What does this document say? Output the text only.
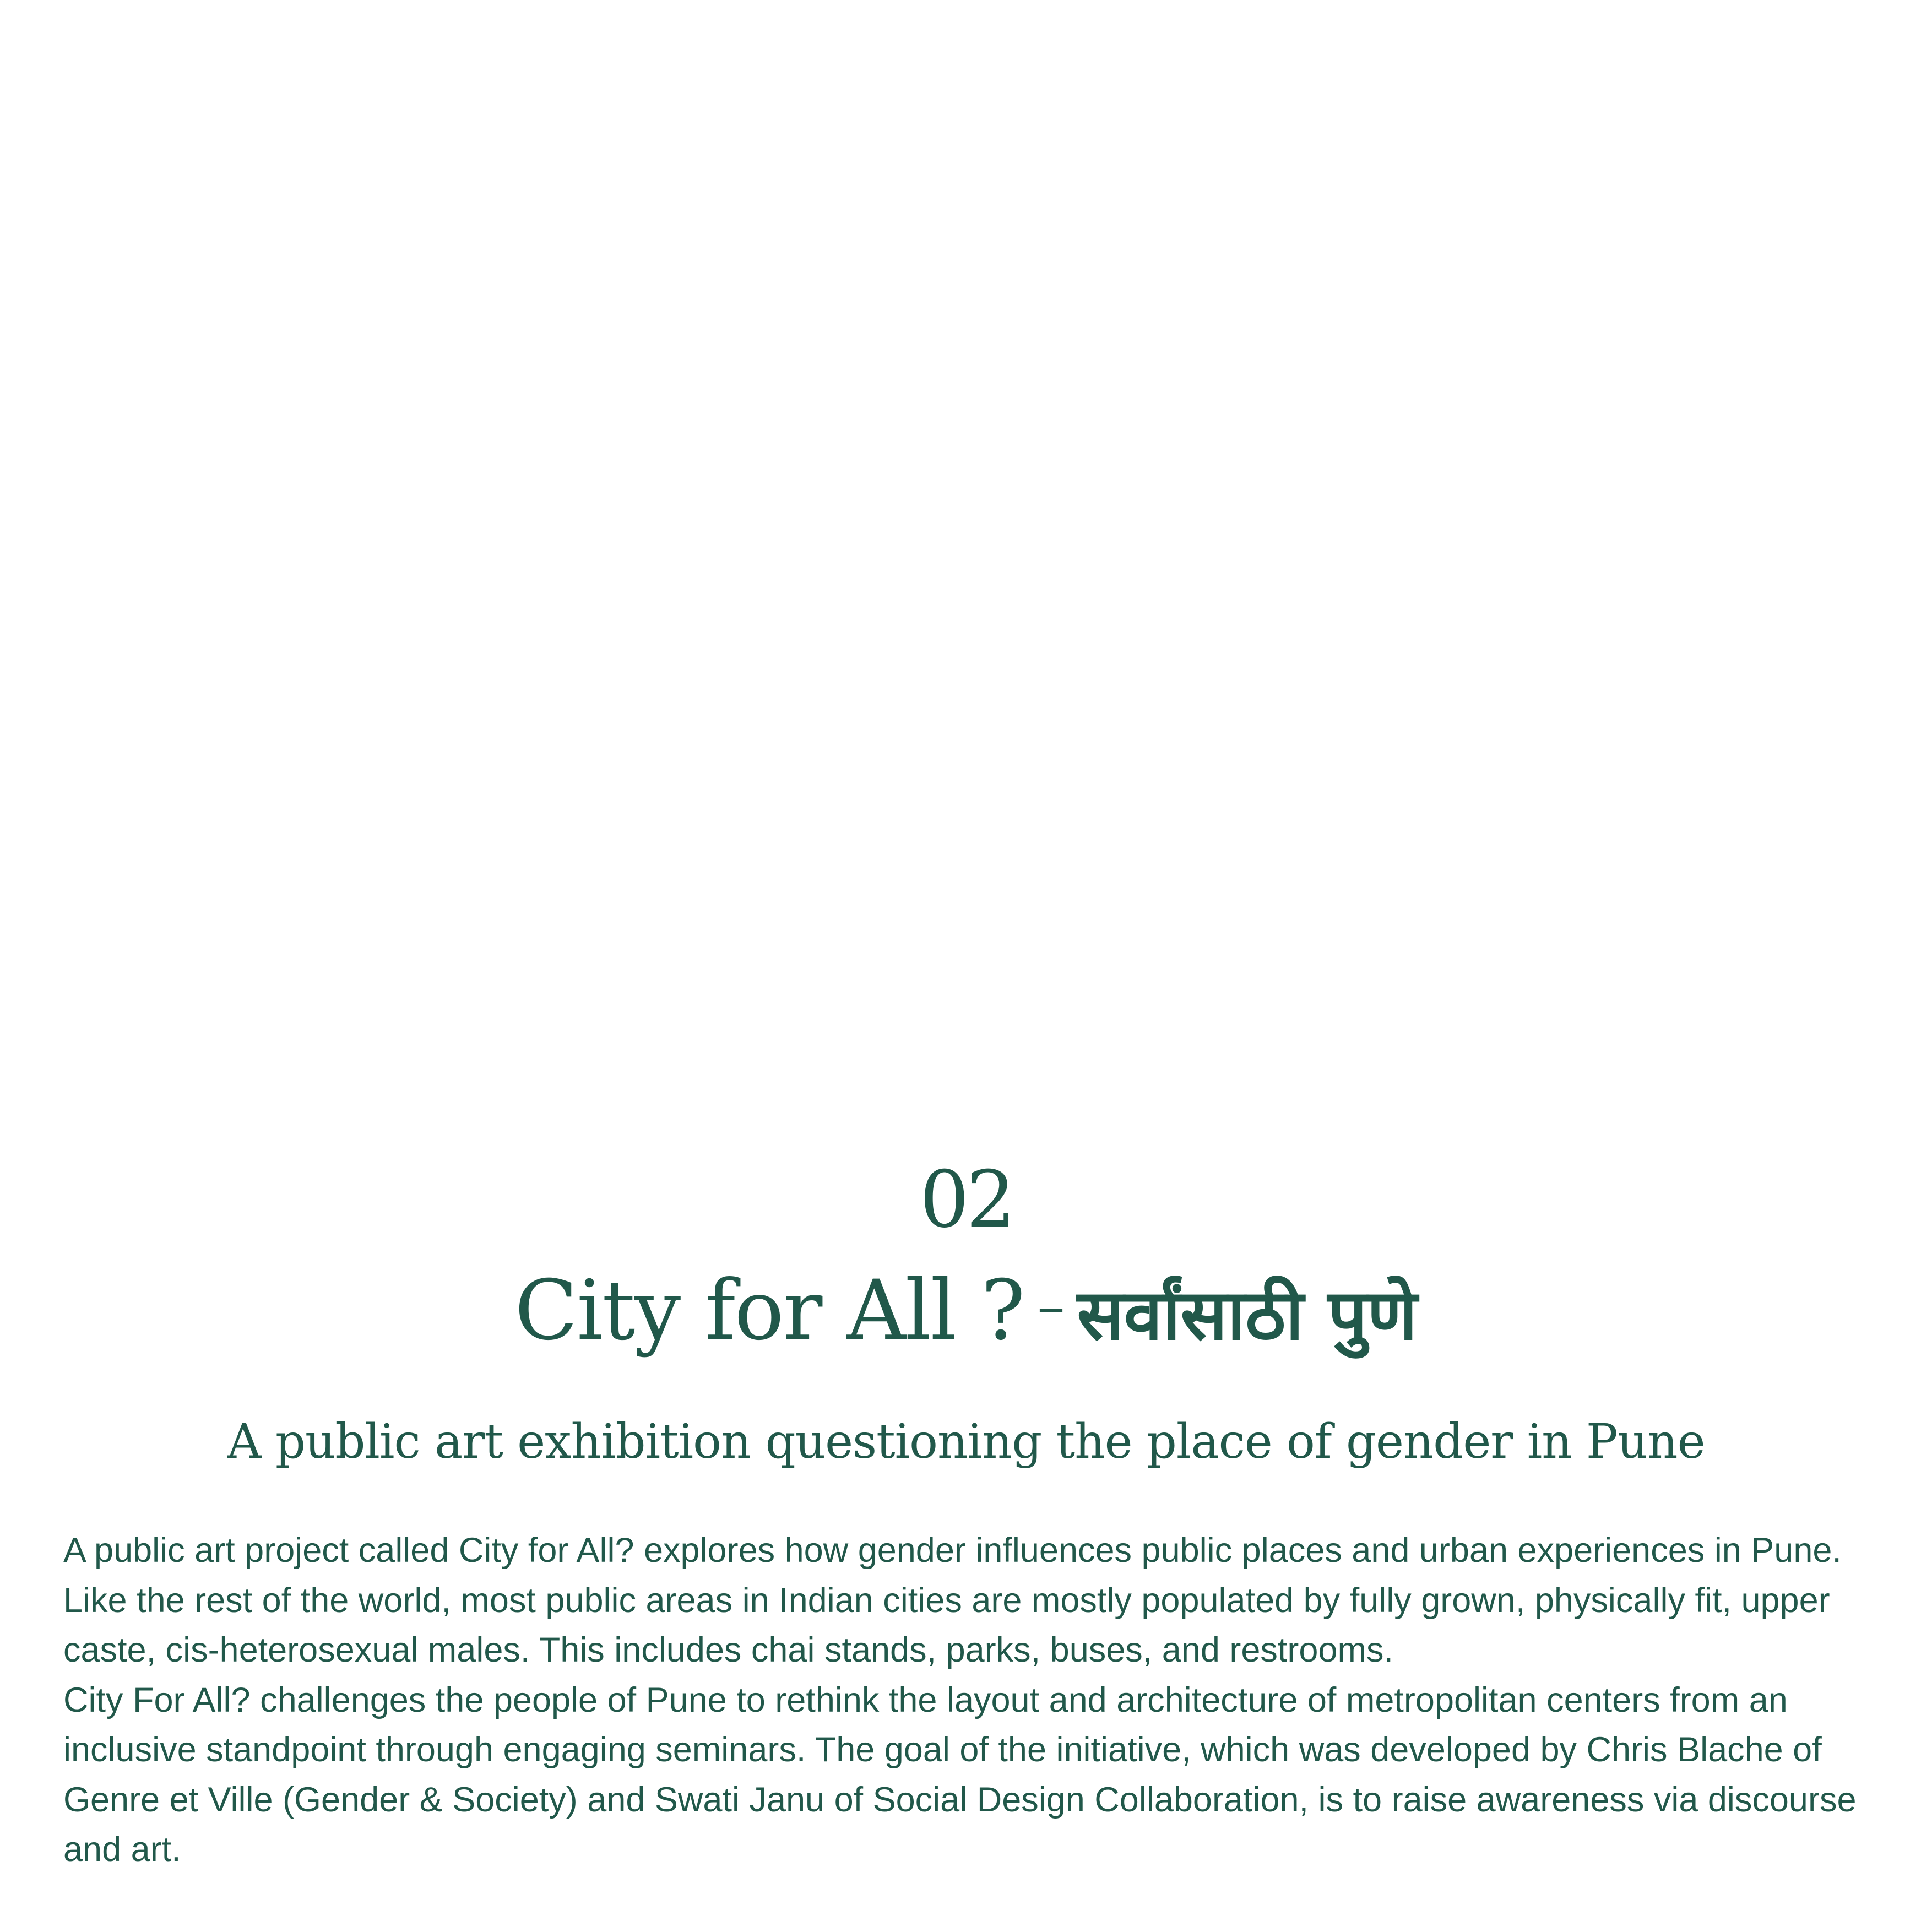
02
City for All ? – सर्वांसाठी पुणे
A public art exhibition questioning the place of gender in Pune

A public art project called City for All? explores how gender influences public places and urban experiences in Pune. Like the rest of the world, most public areas in Indian cities are mostly populated by fully grown, physically fit, upper caste, cis-heterosexual males. This includes chai stands, parks, buses, and restrooms.

City For All? challenges the people of Pune to rethink the layout and architecture of metropolitan centers from an inclusive standpoint through engaging seminars. The goal of the initiative, which was developed by Chris Blache of Genre et Ville (Gender & Society) and Swati Janu of Social Design Collaboration, is to raise awareness via discourse and art.
